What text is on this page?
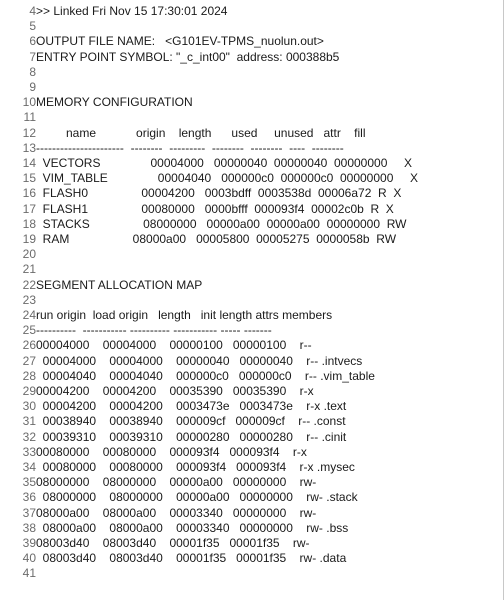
4>> Linked Fri Nov 15 17:30:01 2024
5
6OUTPUT FILE NAME:   <G101EV-TPMS_nuolun.out>
7ENTRY POINT SYMBOL: "_c_int00"  address: 000388b5
8
9
10MEMORY CONFIGURATION
11
12         name            origin    length      used     unused   attr    fill
13----------------------  --------  ---------  --------  --------  ----  --------
14  VECTORS               00004000   00000040  00000040  00000000     X
15  VIM_TABLE               00004040   000000c0  000000c0  00000000     X
16  FLASH0                00004200   0003bdff  0003538d  00006a72  R  X
17  FLASH1                00080000   0000bfff  000093f4  00002c0b  R  X
18  STACKS                08000000   00000a00  00000a00  00000000  RW
19  RAM                   08000a00   00005800  00005275  0000058b  RW
20
21
22SEGMENT ALLOCATION MAP
23
24run origin  load origin   length   init length attrs members
25----------  ----------- ---------- ----------- ----- -------
2600004000    00004000    00000100   00000100    r--
27  00004000    00004000    00000040   00000040    r-- .intvecs
28  00004040    00004040    000000c0   000000c0    r-- .vim_table
2900004200    00004200    00035390   00035390    r-x
30  00004200    00004200    0003473e   0003473e    r-x .text
31  00038940    00038940    000009cf   000009cf    r-- .const
32  00039310    00039310    00000280   00000280    r-- .cinit
3300080000    00080000    000093f4   000093f4    r-x
34  00080000    00080000    000093f4   000093f4    r-x .mysec
3508000000    08000000    00000a00   00000000    rw-
36  08000000    08000000    00000a00   00000000    rw- .stack
3708000a00    08000a00    00003340   00000000    rw-
38  08000a00    08000a00    00003340   00000000    rw- .bss
3908003d40    08003d40    00001f35   00001f35    rw-
40  08003d40    08003d40    00001f35   00001f35    rw- .data
41
